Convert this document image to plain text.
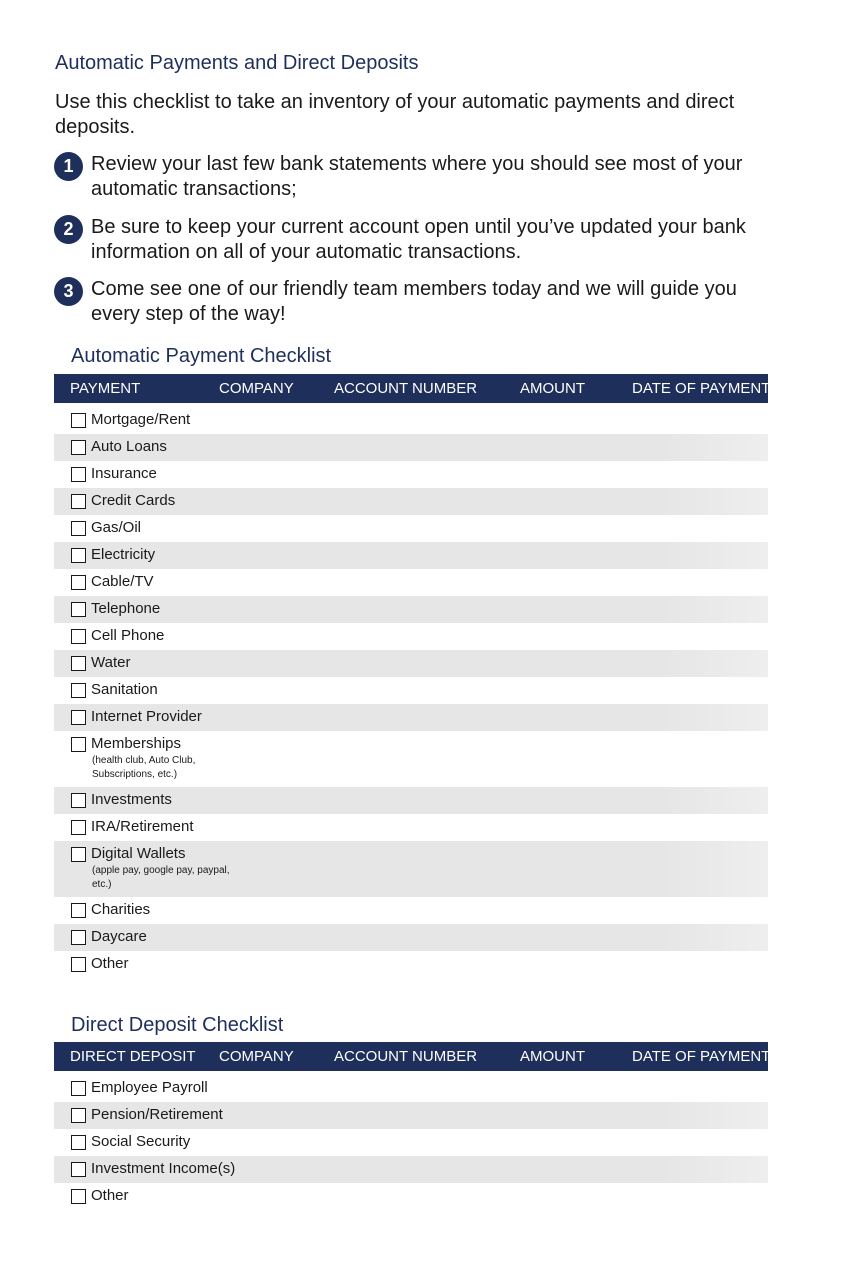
Automatic Payments and Direct Deposits

Use this checklist to take an inventory of your automatic payments and direct deposits.

1 Review your last few bank statements where you should see most of your automatic transactions;
2 Be sure to keep your current account open until you’ve updated your bank information on all of your automatic transactions.
3 Come see one of our friendly team members today and we will guide you every step of the way!
Automatic Payment Checklist
PAYMENT	COMPANY	ACCOUNT NUMBER	AMOUNT	DATE OF PAYMENT
Mortgage/Rent
Auto Loans
Insurance
Credit Cards
Gas/Oil
Electricity
Cable/TV
Telephone
Cell Phone
Water
Sanitation
Internet Provider
Memberships
(health club, Auto Club, Subscriptions, etc.)
Investments
IRA/Retirement
Digital Wallets
(apple pay, google pay, paypal, etc.)
Charities
Daycare
Other
Direct Deposit Checklist
DIRECT DEPOSIT COMPANY	ACCOUNT NUMBER	AMOUNT	DATE OF PAYMENT
Employee Payroll
Pension/Retirement
Social Security
Investment Income(s)
Other
